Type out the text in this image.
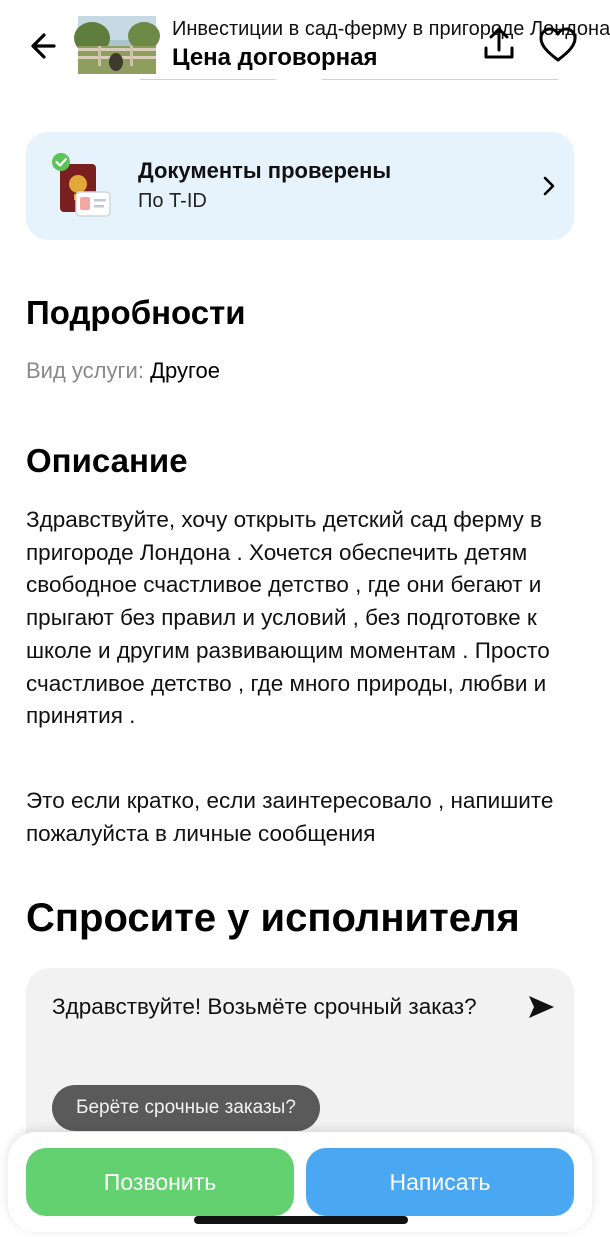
Инвестиции в сад-ферму в пригороде Лондона
Цена договорная
Документы проверены
По T-ID
Подробности
Вид услуги: Другое
Описание
Здравствуйте, хочу открыть детский сад ферму в пригороде Лондона . Хочется обеспечить детям свободное счастливое детство , где они бегают и прыгают без правил и условий , без подготовке к школе и другим развивающим моментам . Просто счастливое детство , где много природы, любви и принятия .
Это если кратко, если заинтересовало , напишите пожалуйста в личные сообщения
Спросите у исполнителя
Здравствуйте! Возьмёте срочный заказ?
Берёте срочные заказы?
Позвонить	Написать
